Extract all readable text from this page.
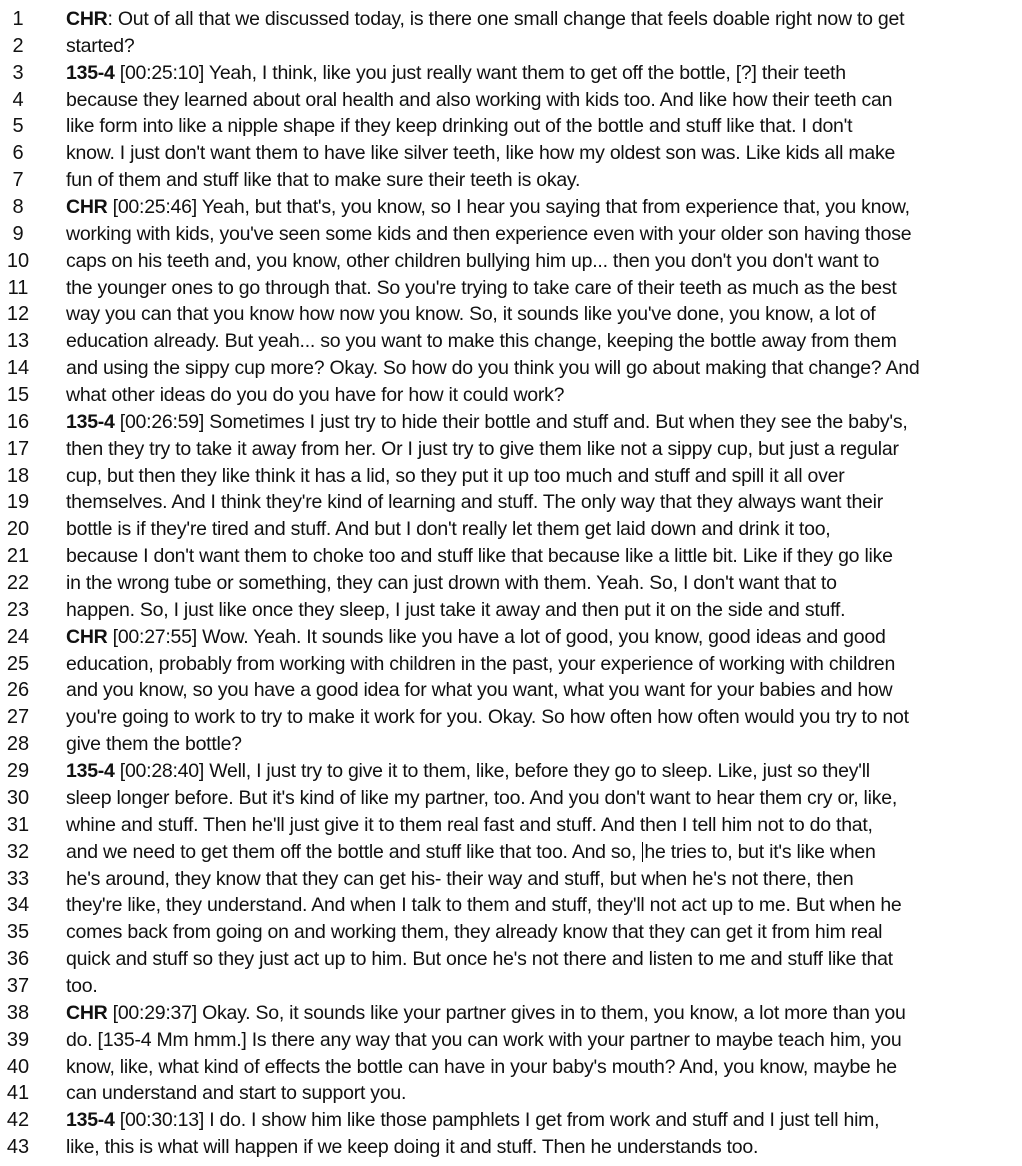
1	CHR: Out of all that we discussed today, is there one small change that feels doable right now to get
2	started?
3	135-4 [00:25:10] Yeah, I think, like you just really want them to get off the bottle, [?] their teeth
4	because they learned about oral health and also working with kids too. And like how their teeth can
5	like form into like a nipple shape if they keep drinking out of the bottle and stuff like that. I don't
6	know. I just don't want them to have like silver teeth, like how my oldest son was. Like kids all make
7	fun of them and stuff like that to make sure their teeth is okay.
8	CHR [00:25:46] Yeah, but that's, you know, so I hear you saying that from experience that, you know,
9	working with kids, you've seen some kids and then experience even with your older son having those
10	caps on his teeth and, you know, other children bullying him up... then you don't you don't want to
11	the younger ones to go through that. So you're trying to take care of their teeth as much as the best
12	way you can that you know how now you know. So, it sounds like you've done, you know, a lot of
13	education already. But yeah... so you want to make this change, keeping the bottle away from them
14	and using the sippy cup more? Okay. So how do you think you will go about making that change? And
15	what other ideas do you do you have for how it could work?
16	135-4 [00:26:59] Sometimes I just try to hide their bottle and stuff and. But when they see the baby's,
17	then they try to take it away from her. Or I just try to give them like not a sippy cup, but just a regular
18	cup, but then they like think it has a lid, so they put it up too much and stuff and spill it all over
19	themselves. And I think they're kind of learning and stuff. The only way that they always want their
20	bottle is if they're tired and stuff. And but I don't really let them get laid down and drink it too,
21	because I don't want them to choke too and stuff like that because like a little bit. Like if they go like
22	in the wrong tube or something, they can just drown with them. Yeah. So, I don't want that to
23	happen. So, I just like once they sleep, I just take it away and then put it on the side and stuff.
24	CHR [00:27:55] Wow. Yeah. It sounds like you have a lot of good, you know, good ideas and good
25	education, probably from working with children in the past, your experience of working with children
26	and you know, so you have a good idea for what you want, what you want for your babies and how
27	you're going to work to try to make it work for you. Okay. So how often how often would you try to not
28	give them the bottle?
29	135-4 [00:28:40] Well, I just try to give it to them, like, before they go to sleep. Like, just so they'll
30	sleep longer before. But it's kind of like my partner, too. And you don't want to hear them cry or, like,
31	whine and stuff. Then he'll just give it to them real fast and stuff. And then I tell him not to do that,
32	and we need to get them off the bottle and stuff like that too. And so, he tries to, but it's like when
33	he's around, they know that they can get his- their way and stuff, but when he's not there, then
34	they're like, they understand. And when I talk to them and stuff, they'll not act up to me. But when he
35	comes back from going on and working them, they already know that they can get it from him real
36	quick and stuff so they just act up to him. But once he's not there and listen to me and stuff like that
37	too.
38	CHR [00:29:37] Okay. So, it sounds like your partner gives in to them, you know, a lot more than you
39	do. [135-4 Mm hmm.] Is there any way that you can work with your partner to maybe teach him, you
40	know, like, what kind of effects the bottle can have in your baby's mouth? And, you know, maybe he
41	can understand and start to support you.
42	135-4 [00:30:13] I do. I show him like those pamphlets I get from work and stuff and I just tell him,
43	like, this is what will happen if we keep doing it and stuff. Then he understands too.
